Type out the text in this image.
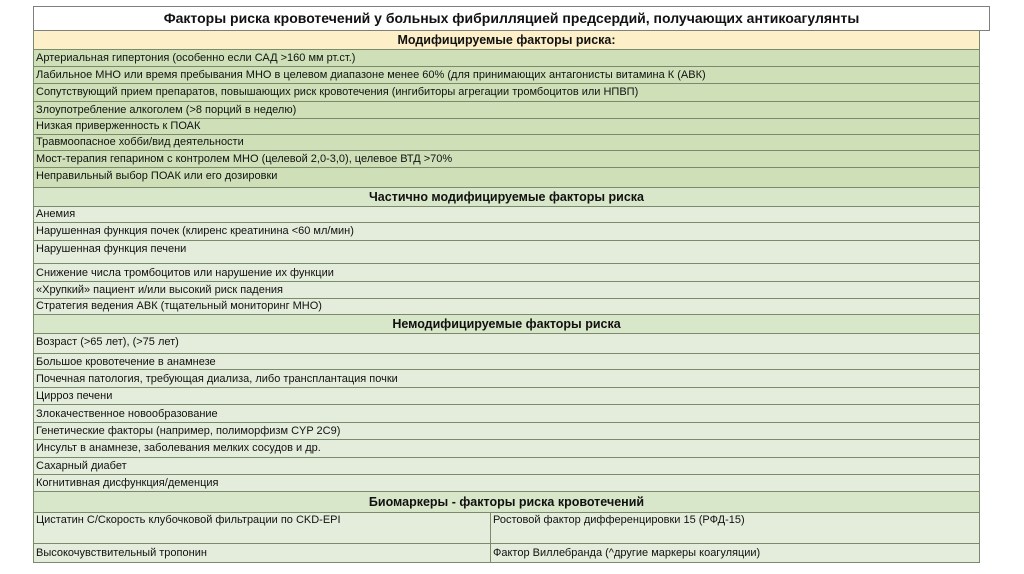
Факторы риска кровотечений у больных фибрилляцией предсердий, получающих антикоагулянты
Модифицируемые факторы риска:
Артериальная гипертония (особенно если САД >160 мм рт.ст.)
Лабильное МНО или время пребывания МНО в целевом диапазоне менее 60% (для принимающих антагонисты витамина К (АВК)
Сопутствующий прием препаратов, повышающих риск кровотечения (ингибиторы агрегации тромбоцитов или НПВП)
Злоупотребление алкоголем (>8 порций в неделю)
Низкая приверженность к ПОАК
Травмоопасное хобби/вид деятельности
Мост-терапия гепарином с контролем МНО (целевой 2,0-3,0), целевое ВТД >70%
Неправильный выбор ПОАК или его дозировки
Частично модифицируемые факторы риска
Анемия
Нарушенная функция почек (клиренс креатинина <60 мл/мин)
Нарушенная функция печени
Снижение числа тромбоцитов или нарушение их функции
«Хрупкий» пациент и/или высокий риск падения
Стратегия ведения АВК (тщательный мониторинг МНО)
Немодифицируемые факторы риска
Возраст (>65 лет), (>75 лет)
Большое кровотечение в анамнезе
Почечная патология, требующая диализа, либо трансплантация почки
Цирроз печени
Злокачественное новообразование
Генетические факторы (например, полиморфизм CYP 2C9)
Инсульт в анамнезе, заболевания мелких сосудов и др.
Сахарный диабет
Когнитивная дисфункция/деменция
Биомаркеры - факторы риска кровотечений
Цистатин С/Скорость клубочковой фильтрации по CKD-EPI	Ростовой фактор дифференцировки 15 (РФД-15)
Высокочувствительный тропонин	Фактор Виллебранда (^другие маркеры коагуляции)
